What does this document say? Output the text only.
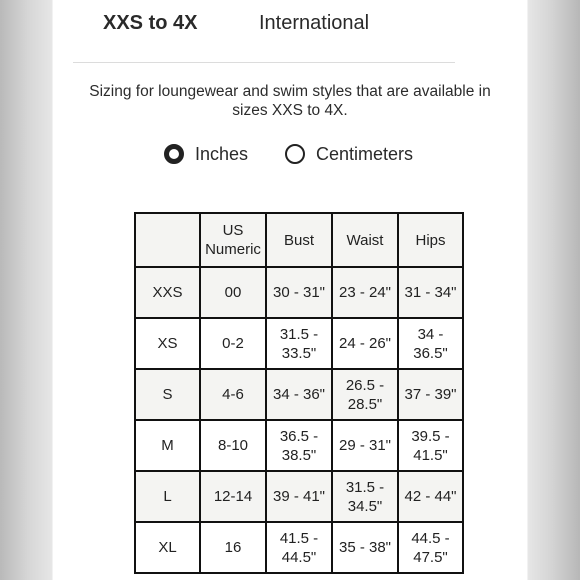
XXS to 4X	International
Sizing for loungewear and swim styles that are available in sizes XXS to 4X.
Inches	Centimeters
	US Numeric	Bust	Waist	Hips
XXS	00	30 - 31"	23 - 24"	31 - 34"
XS	0-2	31.5 - 33.5"	24 - 26"	34 - 36.5"
S	4-6	34 - 36"	26.5 - 28.5"	37 - 39"
M	8-10	36.5 - 38.5"	29 - 31"	39.5 - 41.5"
L	12-14	39 - 41"	31.5 - 34.5"	42 - 44"
XL	16	41.5 - 44.5"	35 - 38"	44.5 - 47.5"
